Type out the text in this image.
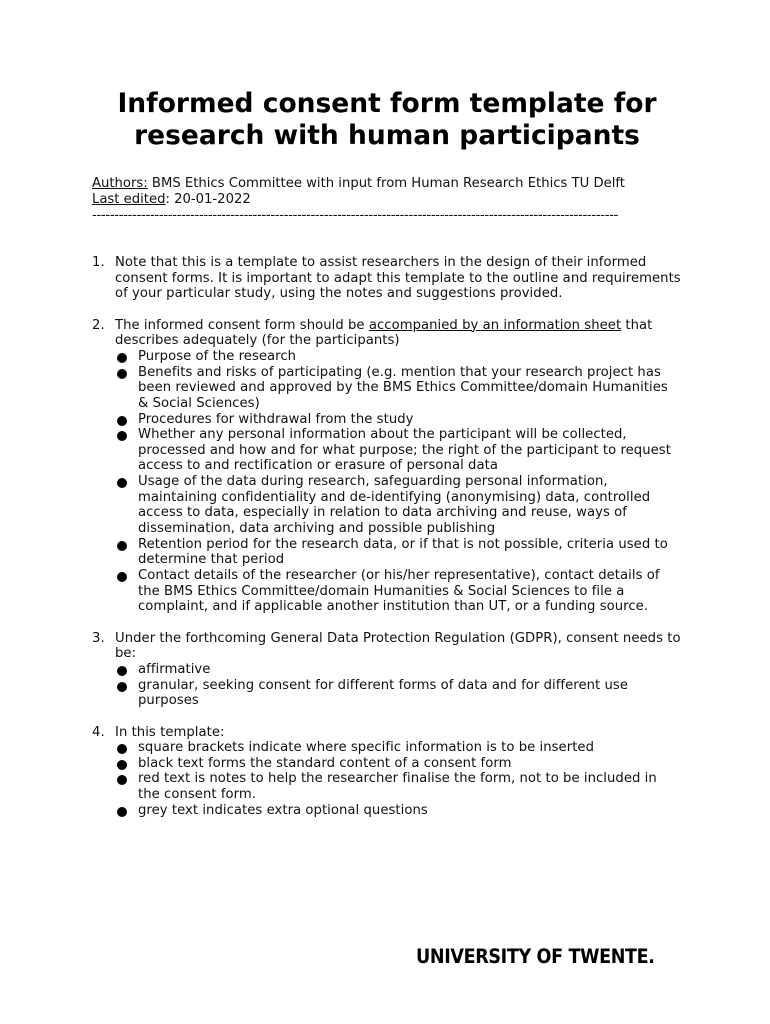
Informed consent form template for research with human participants
Authors: BMS Ethics Committee with input from Human Research Ethics TU Delft
Last edited: 20-01-2022
----------------------------------------------------------------------------------------------------------------------
1. Note that this is a template to assist researchers in the design of their informed consent forms. It is important to adapt this template to the outline and requirements of your particular study, using the notes and suggestions provided.
2. The informed consent form should be accompanied by an information sheet that describes adequately (for the participants)
Purpose of the research
Benefits and risks of participating (e.g. mention that your research project has been reviewed and approved by the BMS Ethics Committee/domain Humanities & Social Sciences)
Procedures for withdrawal from the study
Whether any personal information about the participant will be collected, processed and how and for what purpose; the right of the participant to request access to and rectification or erasure of personal data
Usage of the data during research, safeguarding personal information, maintaining confidentiality and de-identifying (anonymising) data, controlled access to data, especially in relation to data archiving and reuse, ways of dissemination, data archiving and possible publishing
Retention period for the research data, or if that is not possible, criteria used to determine that period
Contact details of the researcher (or his/her representative), contact details of the BMS Ethics Committee/domain Humanities & Social Sciences to file a complaint, and if applicable another institution than UT, or a funding source.
3. Under the forthcoming General Data Protection Regulation (GDPR), consent needs to be:
affirmative
granular, seeking consent for different forms of data and for different use purposes
4. In this template:
square brackets indicate where specific information is to be inserted
black text forms the standard content of a consent form
red text is notes to help the researcher finalise the form, not to be included in the consent form.
grey text indicates extra optional questions
UNIVERSITY OF TWENTE.
